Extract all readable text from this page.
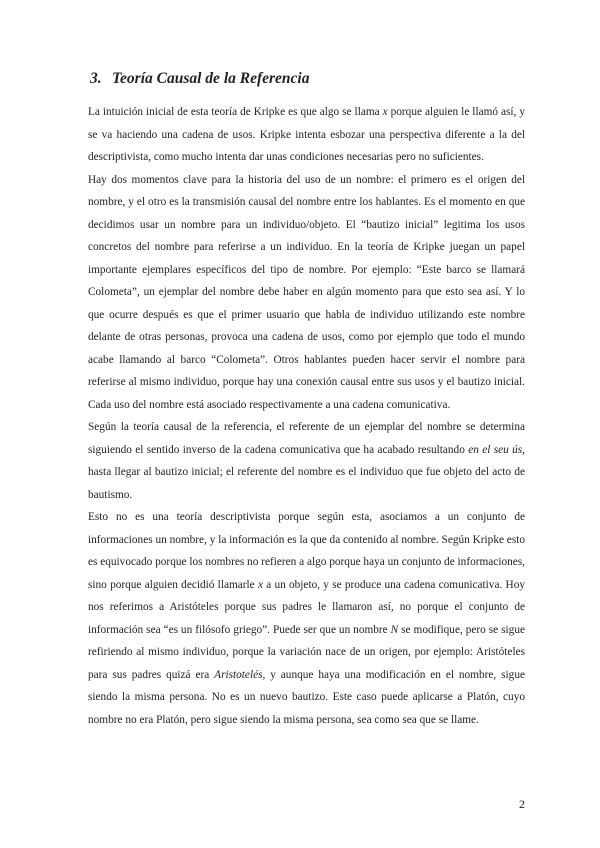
3. Teoría Causal de la Referencia

La intuición inicial de esta teoría de Kripke es que algo se llama x porque alguien le llamó así, y se va haciendo una cadena de usos. Kripke intenta esbozar una perspectiva diferente a la del descriptivista, como mucho intenta dar unas condiciones necesarias pero no suficientes.

Hay dos momentos clave para la historia del uso de un nombre: el primero es el origen del nombre, y el otro es la transmisión causal del nombre entre los hablantes. Es el momento en que decidimos usar un nombre para un individuo/objeto. El “bautizo inicial” legitima los usos concretos del nombre para referirse a un individuo. En la teoría de Kripke juegan un papel importante ejemplares específicos del tipo de nombre. Por ejemplo: “Este barco se llamará Colometa”, un ejemplar del nombre debe haber en algún momento para que esto sea así. Y lo que ocurre después es que el primer usuario que habla de individuo utilizando este nombre delante de otras personas, provoca una cadena de usos, como por ejemplo que todo el mundo acabe llamando al barco “Colometa”. Otros hablantes pueden hacer servir el nombre para referirse al mismo individuo, porque hay una conexión causal entre sus usos y el bautizo inicial. Cada uso del nombre está asociado respectivamente a una cadena comunicativa.

Según la teoría causal de la referencia, el referente de un ejemplar del nombre se determina siguiendo el sentido inverso de la cadena comunicativa que ha acabado resultando en el seu ús, hasta llegar al bautizo inicial; el referente del nombre es el individuo que fue objeto del acto de bautismo.

Esto no es una teoría descriptivista porque según esta, asociamos a un conjunto de informaciones un nombre, y la información es la que da contenido al nombre. Según Kripke esto es equivocado porque los nombres no refieren a algo porque haya un conjunto de informaciones, sino porque alguien decidió llamarle x a un objeto, y se produce una cadena comunicativa. Hoy nos referimos a Aristóteles porque sus padres le llamaron así, no porque el conjunto de información sea “es un filósofo griego”. Puede ser que un nombre N se modifique, pero se sigue refiriendo al mismo individuo, porque la variación nace de un origen, por ejemplo: Aristóteles para sus padres quizá era Aristotelés, y aunque haya una modificación en el nombre, sigue siendo la misma persona. No es un nuevo bautizo. Este caso puede aplicarse a Platón, cuyo nombre no era Platón, pero sigue siendo la misma persona, sea como sea que se llame.

2
